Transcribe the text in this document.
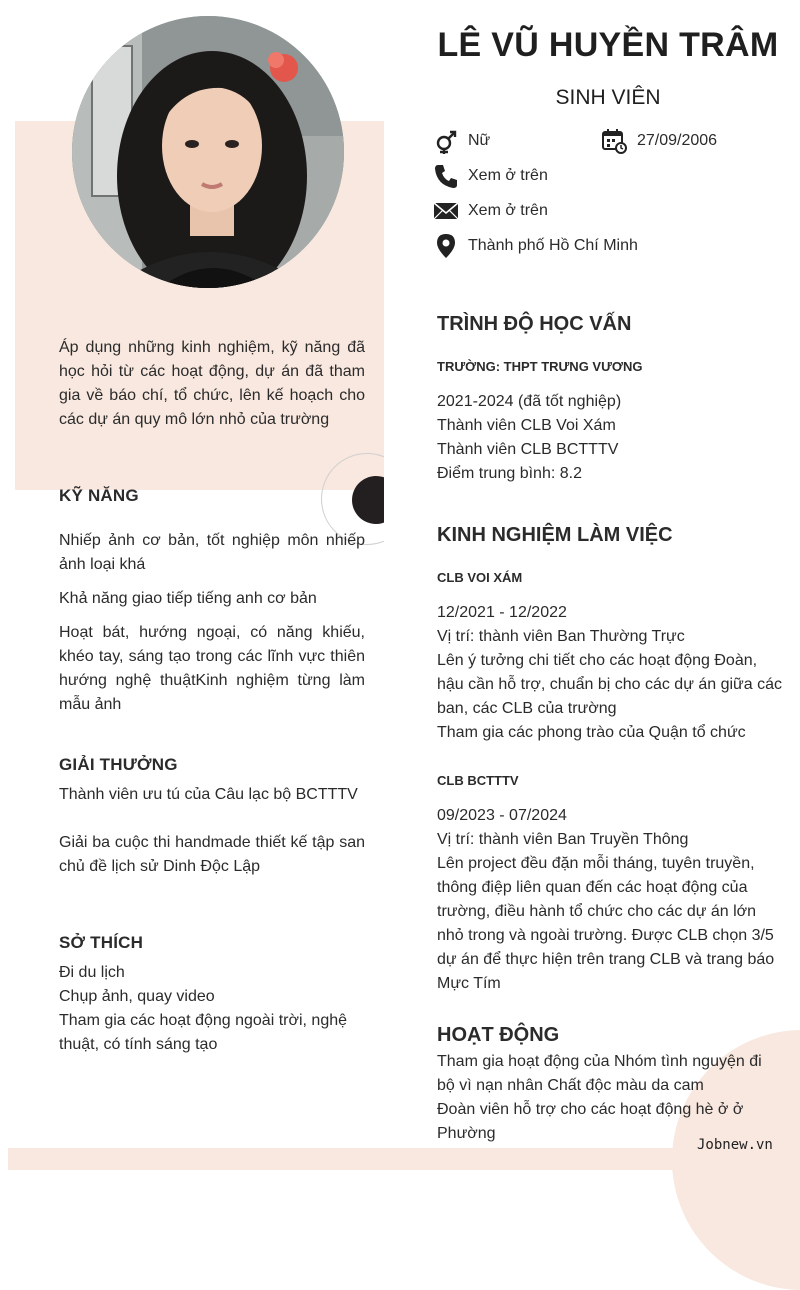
LÊ VŨ HUYỀN TRÂM
SINH VIÊN
Nữ	27/09/2006
Xem ở trên
Xem ở trên
Thành phố Hồ Chí Minh
Áp dụng những kinh nghiệm, kỹ năng đã học hỏi từ các hoạt động, dự án đã tham gia về báo chí, tổ chức, lên kế hoạch cho các dự án quy mô lớn nhỏ của trường
KỸ NĂNG
Nhiếp ảnh cơ bản, tốt nghiệp môn nhiếp ảnh loại khá
Khả năng giao tiếp tiếng anh cơ bản
Hoạt bát, hướng ngoại, có năng khiếu, khéo tay, sáng tạo trong các lĩnh vực thiên hướng nghệ thuậtKinh nghiệm từng làm mẫu ảnh
GIẢI THƯỞNG
Thành viên ưu tú của Câu lạc bộ BCTTTV
Giải ba cuộc thi handmade thiết kế tập san chủ đề lịch sử Dinh Độc Lập
SỞ THÍCH
Đi du lịch
Chụp ảnh, quay video
Tham gia các hoạt động ngoài trời, nghệ thuật, có tính sáng tạo
TRÌNH ĐỘ HỌC VẤN
TRƯỜNG: THPT TRƯNG VƯƠNG
2021-2024 (đã tốt nghiệp)
Thành viên CLB Voi Xám
Thành viên CLB BCTTTV
Điểm trung bình: 8.2
KINH NGHIỆM LÀM VIỆC
CLB VOI XÁM
12/2021 - 12/2022
Vị trí: thành viên Ban Thường Trực
Lên ý tưởng chi tiết cho các hoạt động Đoàn, hậu cần hỗ trợ, chuẩn bị cho các dự án giữa các ban, các CLB của trường
Tham gia các phong trào của Quận tổ chức
CLB BCTTTV
09/2023 - 07/2024
Vị trí: thành viên Ban Truyền Thông
Lên project đều đặn mỗi tháng, tuyên truyền, thông điệp liên quan đến các hoạt động của trường, điều hành tổ chức cho các dự án lớn nhỏ trong và ngoài trường. Được CLB chọn 3/5 dự án để thực hiện trên trang CLB và trang báo Mực Tím
HOẠT ĐỘNG
Tham gia hoạt động của Nhóm tình nguyện đi bộ vì nạn nhân Chất độc màu da cam
Đoàn viên hỗ trợ cho các hoạt động hè ở ở Phường
Jobnew.vn
